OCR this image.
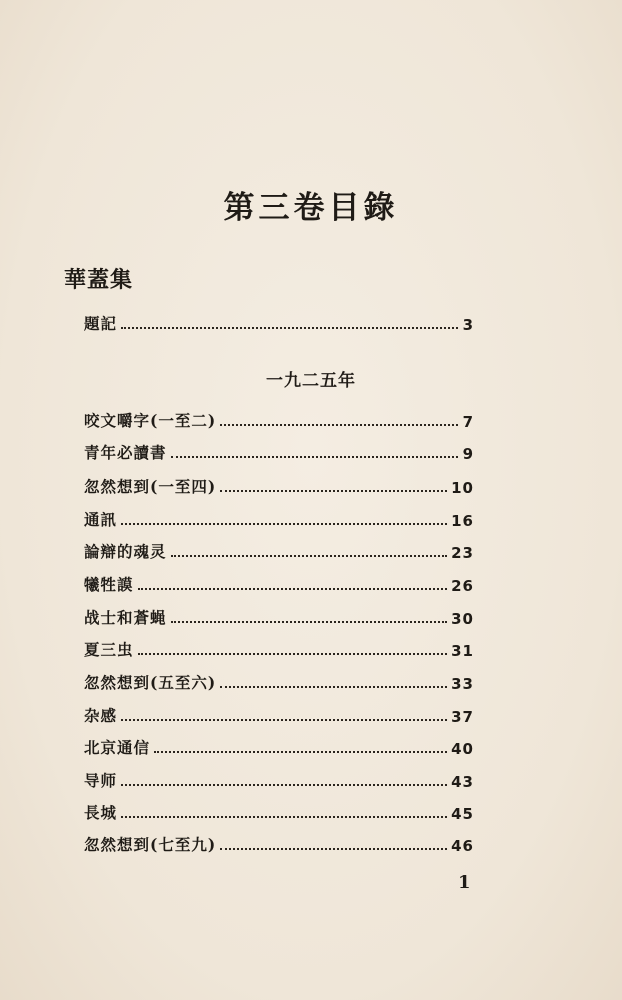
第三卷目錄
華蓋集
題記	3
一九二五年
咬文嚼字(一至二)	7
青年必讀書	9
忽然想到(一至四)	10
通訊	16
論辯的魂灵	23
犧牲謨	26
战士和蒼蝇	30
夏三虫	31
忽然想到(五至六)	33
杂感	37
北京通信	40
导师	43
長城	45
忽然想到(七至九)	46
1
